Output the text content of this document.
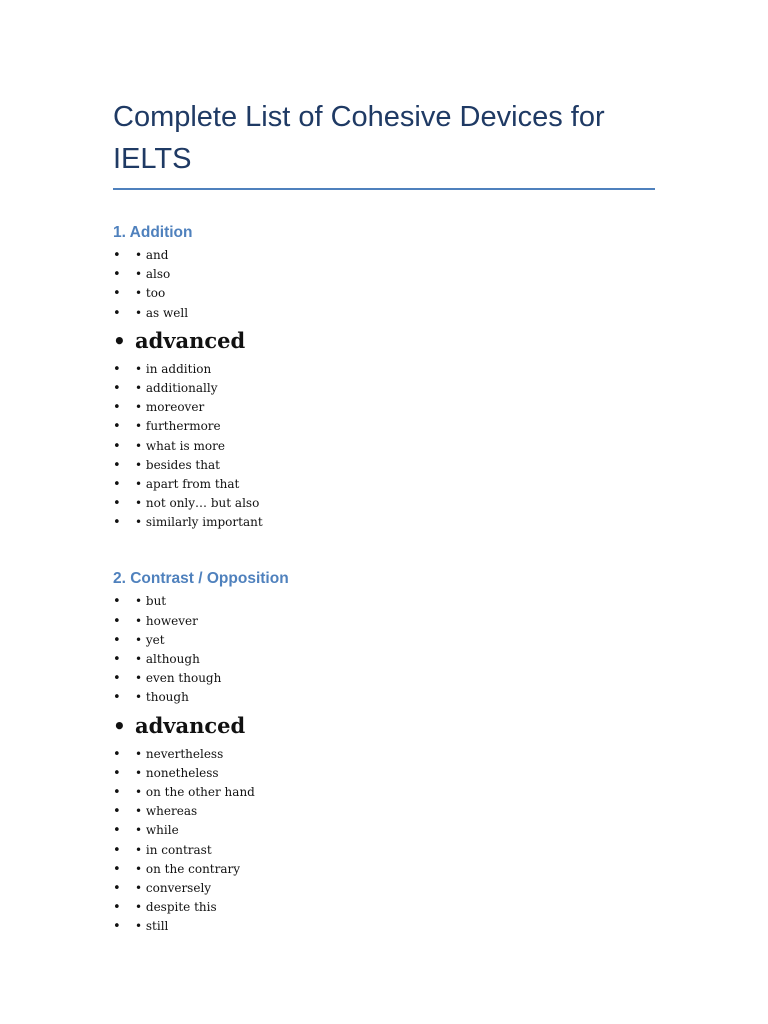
Complete List of Cohesive Devices for IELTS
1. Addition
• • and
• • also
• • too
• • as well
• advanced
• • in addition
• • additionally
• • moreover
• • furthermore
• • what is more
• • besides that
• • apart from that
• • not only… but also
• • similarly important
2. Contrast / Opposition
• • but
• • however
• • yet
• • although
• • even though
• • though
• advanced
• • nevertheless
• • nonetheless
• • on the other hand
• • whereas
• • while
• • in contrast
• • on the contrary
• • conversely
• • despite this
• • still
